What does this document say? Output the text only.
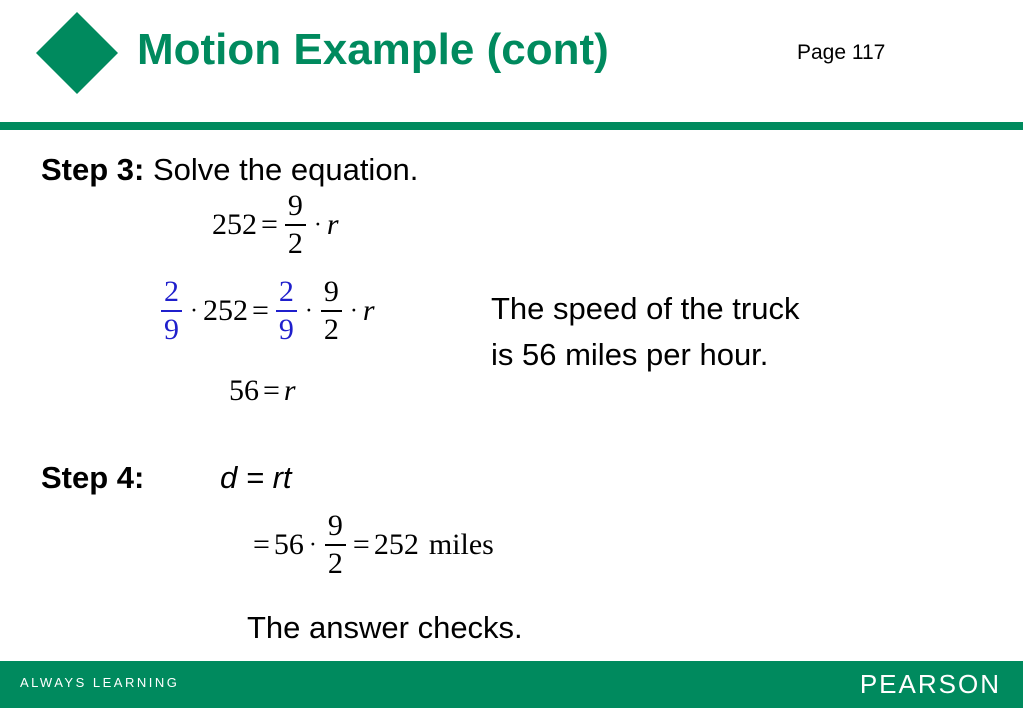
Motion Example (cont)	Page 117
Step 3: Solve the equation.
$252 = \frac{9}{2} \cdot r$
$\frac{2}{9} \cdot 252 = \frac{2}{9} \cdot \frac{9}{2} \cdot r$
56 = r
The speed of the truck
is 56 miles per hour.
Step 4: d = rt
= $56 \cdot \frac{9}{2} = 252$ miles
The answer checks.
ALWAYS LEARNING	PEARSON
